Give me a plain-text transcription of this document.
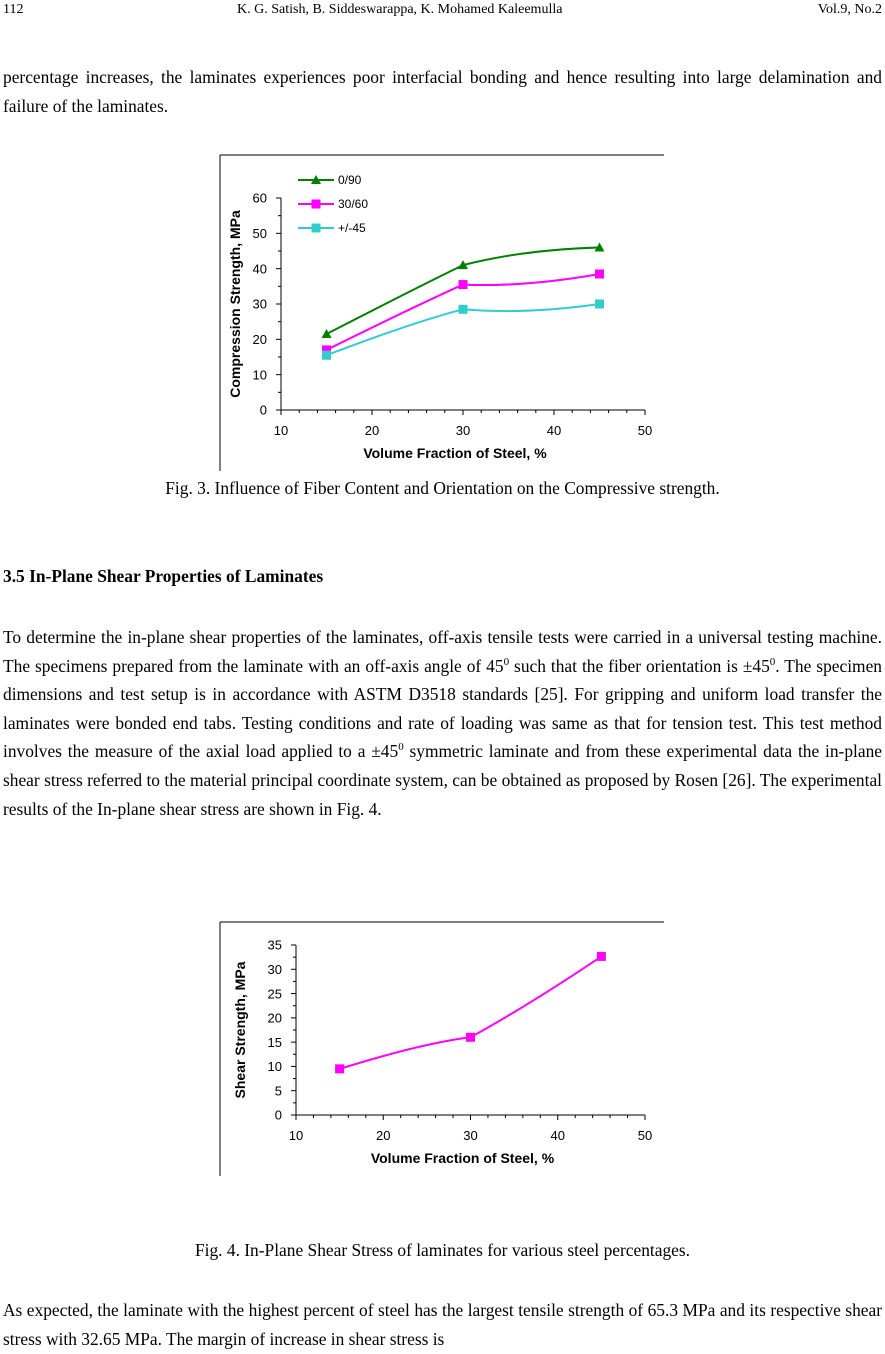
112	K. G. Satish, B. Siddeswarappa, K. Mohamed Kaleemulla	Vol.9, No.2

percentage increases, the laminates experiences poor interfacial bonding and hence resulting into large delamination and failure of the laminates.

10	20	30	40	50
0
10
20
30
40
50
60
Volume Fraction of Steel, %
Compression Strength, MPa
0/90
30/60
+/-45

Fig. 3. Influence of Fiber Content and Orientation on the Compressive strength.

3.5 In-Plane Shear Properties of Laminates

To determine the in-plane shear properties of the laminates, off-axis tensile tests were carried in a universal testing machine. The specimens prepared from the laminate with an off-axis angle of $45^0$ such that the fiber orientation is $\pm 45^0$. The specimen dimensions and test setup is in accordance with ASTM D3518 standards [25]. For gripping and uniform load transfer the laminates were bonded end tabs. Testing conditions and rate of loading was same as that for tension test. This test method involves the measure of the axial load applied to $a \pm 45^0$ symmetric laminate and from these experimental data the in-plane shear stress referred to the material principal coordinate system, can be obtained as proposed by Rosen [26]. The experimental results of the In-plane shear stress are shown in Fig. 4.

10	20	30	40	50
0
5
10
15
20
25
30
35
Volume Fraction of Steel, %
Shear Strength, MPa

Fig. 4. In-Plane Shear Stress of laminates for various steel percentages.

As expected, the laminate with the highest percent of steel has the largest tensile strength of 65.3 MPa and its respective shear stress with 32.65 MPa. The margin of increase in shear stress is
